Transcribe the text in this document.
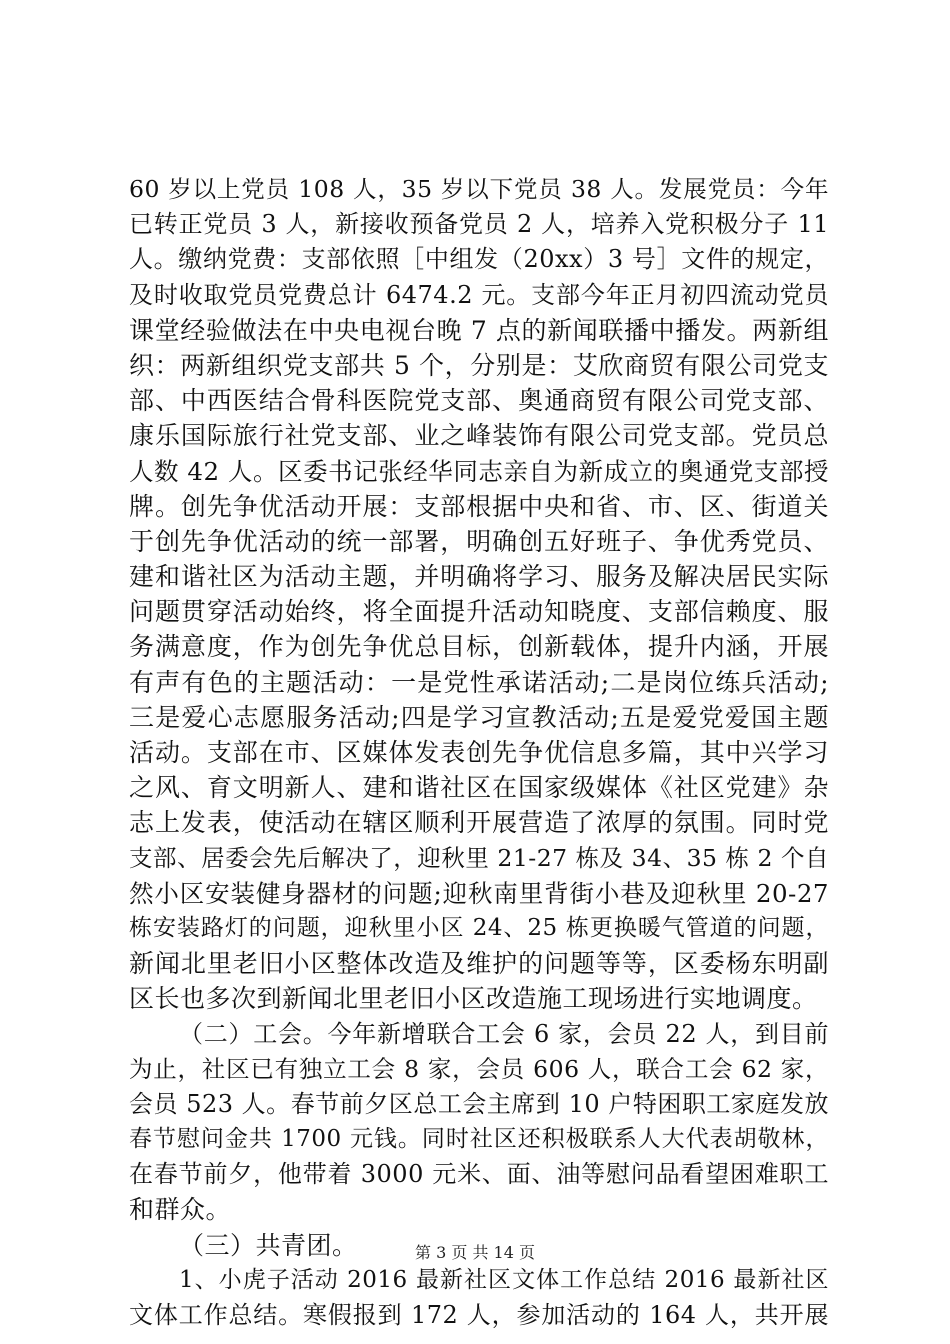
60 岁以上党员 108 人，35 岁以下党员 38 人。发展党员：今年
已转正党员 3 人，新接收预备党员 2 人，培养入党积极分子 11
人。缴纳党费：支部依照［中组发（20xx）3 号］文件的规定，
及时收取党员党费总计 6474.2 元。支部今年正月初四流动党员
课堂经验做法在中央电视台晚 7 点的新闻联播中播发。两新组
织：两新组织党支部共 5 个，分别是：艾欣商贸有限公司党支
部、中西医结合骨科医院党支部、奥通商贸有限公司党支部、
康乐国际旅行社党支部、业之峰装饰有限公司党支部。党员总
人数 42 人。区委书记张经华同志亲自为新成立的奥通党支部授
牌。创先争优活动开展：支部根据中央和省、市、区、街道关
于创先争优活动的统一部署，明确创五好班子、争优秀党员、
建和谐社区为活动主题，并明确将学习、服务及解决居民实际
问题贯穿活动始终，将全面提升活动知晓度、支部信赖度、服
务满意度，作为创先争优总目标，创新载体，提升内涵，开展
有声有色的主题活动：一是党性承诺活动;二是岗位练兵活动;
三是爱心志愿服务活动;四是学习宣教活动;五是爱党爱国主题
活动。支部在市、区媒体发表创先争优信息多篇，其中兴学习
之风、育文明新人、建和谐社区在国家级媒体《社区党建》杂
志上发表，使活动在辖区顺利开展营造了浓厚的氛围。同时党
支部、居委会先后解决了，迎秋里 21-27 栋及 34、35 栋 2 个自
然小区安装健身器材的问题;迎秋南里背街小巷及迎秋里 20-27
栋安装路灯的问题，迎秋里小区 24、25 栋更换暖气管道的问题，
新闻北里老旧小区整体改造及维护的问题等等，区委杨东明副
区长也多次到新闻北里老旧小区改造施工现场进行实地调度。
（二）工会。今年新增联合工会 6 家，会员 22 人，到目前
为止，社区已有独立工会 8 家，会员 606 人，联合工会 62 家，
会员 523 人。春节前夕区总工会主席到 10 户特困职工家庭发放
春节慰问金共 1700 元钱。同时社区还积极联系人大代表胡敬林，
在春节前夕，他带着 3000 元米、面、油等慰问品看望困难职工
和群众。
（三）共青团。
1、小虎子活动 2016 最新社区文体工作总结 2016 最新社区
文体工作总结。寒假报到 172 人，参加活动的 164 人，共开展
第 3 页 共 14 页
